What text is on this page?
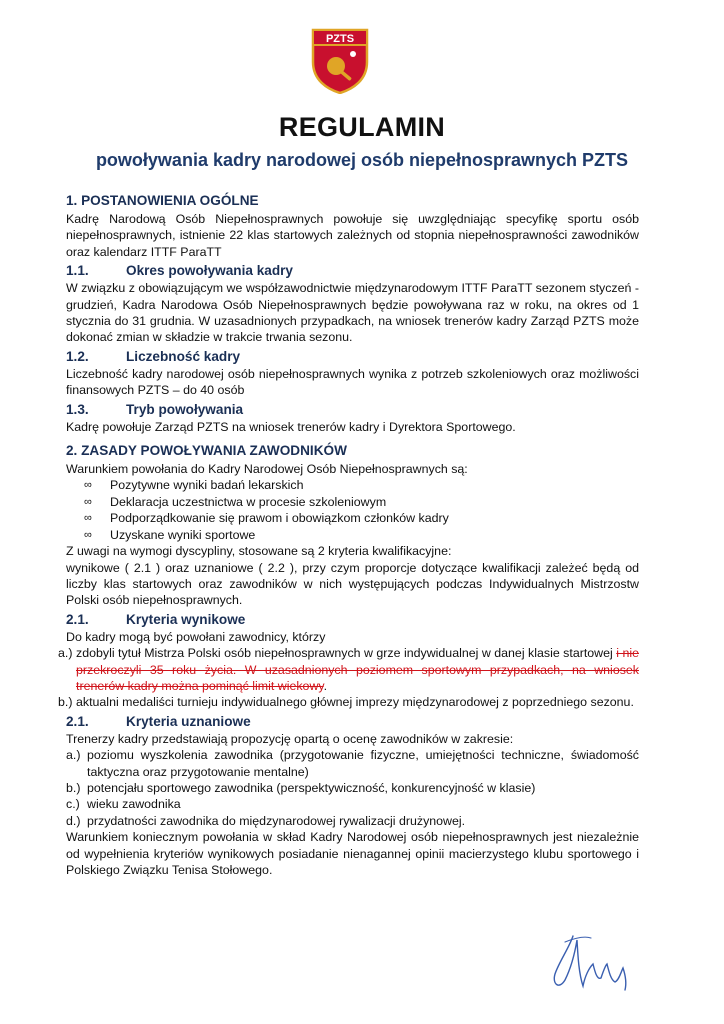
PZTS
REGULAMIN
powoływania kadry narodowej osób niepełnosprawnych PZTS
1. POSTANOWIENIA OGÓLNE

Kadrę Narodową Osób Niepełnosprawnych powołuje się uwzględniając specyfikę sportu osób niepełnosprawnych, istnienie 22 klas startowych zależnych od stopnia niepełnosprawności zawodników oraz kalendarz ITTF ParaTT

1.1.	Okres powoływania kadry

W związku z obowiązującym we współzawodnictwie międzynarodowym ITTF ParaTT sezonem styczeń - grudzień, Kadra Narodowa Osób Niepełnosprawnych będzie powoływana raz w roku, na okres od 1 stycznia do 31 grudnia. W uzasadnionych przypadkach, na wniosek trenerów kadry Zarząd PZTS może dokonać zmian w składzie w trakcie trwania sezonu.

1.2.	Liczebność kadry

Liczebność kadry narodowej osób niepełnosprawnych wynika z potrzeb szkoleniowych oraz możliwości finansowych PZTS – do 40 osób

1.3.	Tryb powoływania

Kadrę powołuje Zarząd PZTS na wniosek trenerów kadry i Dyrektora Sportowego.

2. ZASADY POWOŁYWANIA ZAWODNIKÓW

Warunkiem powołania do Kadry Narodowej Osób Niepełnosprawnych są:

∞	Pozytywne wyniki badań lekarskich
∞	Deklaracja uczestnictwa w procesie szkoleniowym
∞	Podporządkowanie się prawom i obowiązkom członków kadry
∞	Uzyskane wyniki sportowe

Z uwagi na wymogi dyscypliny, stosowane są 2 kryteria kwalifikacyjne:

wynikowe ( 2.1 ) oraz uznaniowe ( 2.2 ), przy czym proporcje dotyczące kwalifikacji zależeć będą od liczby klas startowych oraz zawodników w nich występujących podczas Indywidualnych Mistrzostw Polski osób niepełnosprawnych.

2.1.	Kryteria wynikowe

Do kadry mogą być powołani zawodnicy, którzy

a.) zdobyli tytuł Mistrza Polski osób niepełnosprawnych w grze indywidualnej w danej klasie startowej i nie przekroczyli 35 roku życia. W uzasadnionych poziomem sportowym przypadkach, na wniosek trenerów kadry można pominąć limit wiekowy.
b.) aktualni medaliści turnieju indywidualnego głównej imprezy międzynarodowej z poprzedniego sezonu.
2.1.	Kryteria uznaniowe

Trenerzy kadry przedstawiają propozycję opartą o ocenę zawodników w zakresie:

a.) poziomu wyszkolenia zawodnika (przygotowanie fizyczne, umiejętności techniczne, świadomość taktyczna oraz przygotowanie mentalne)
b.) potencjału sportowego zawodnika (perspektywiczność, konkurencyjność w klasie)
c.) wieku zawodnika
d.) przydatności zawodnika do międzynarodowej rywalizacji drużynowej.

Warunkiem koniecznym powołania w skład Kadry Narodowej osób niepełnosprawnych jest niezależnie od wypełnienia kryteriów wynikowych posiadanie nienagannej opinii macierzystego klubu sportowego i Polskiego Związku Tenisa Stołowego.
